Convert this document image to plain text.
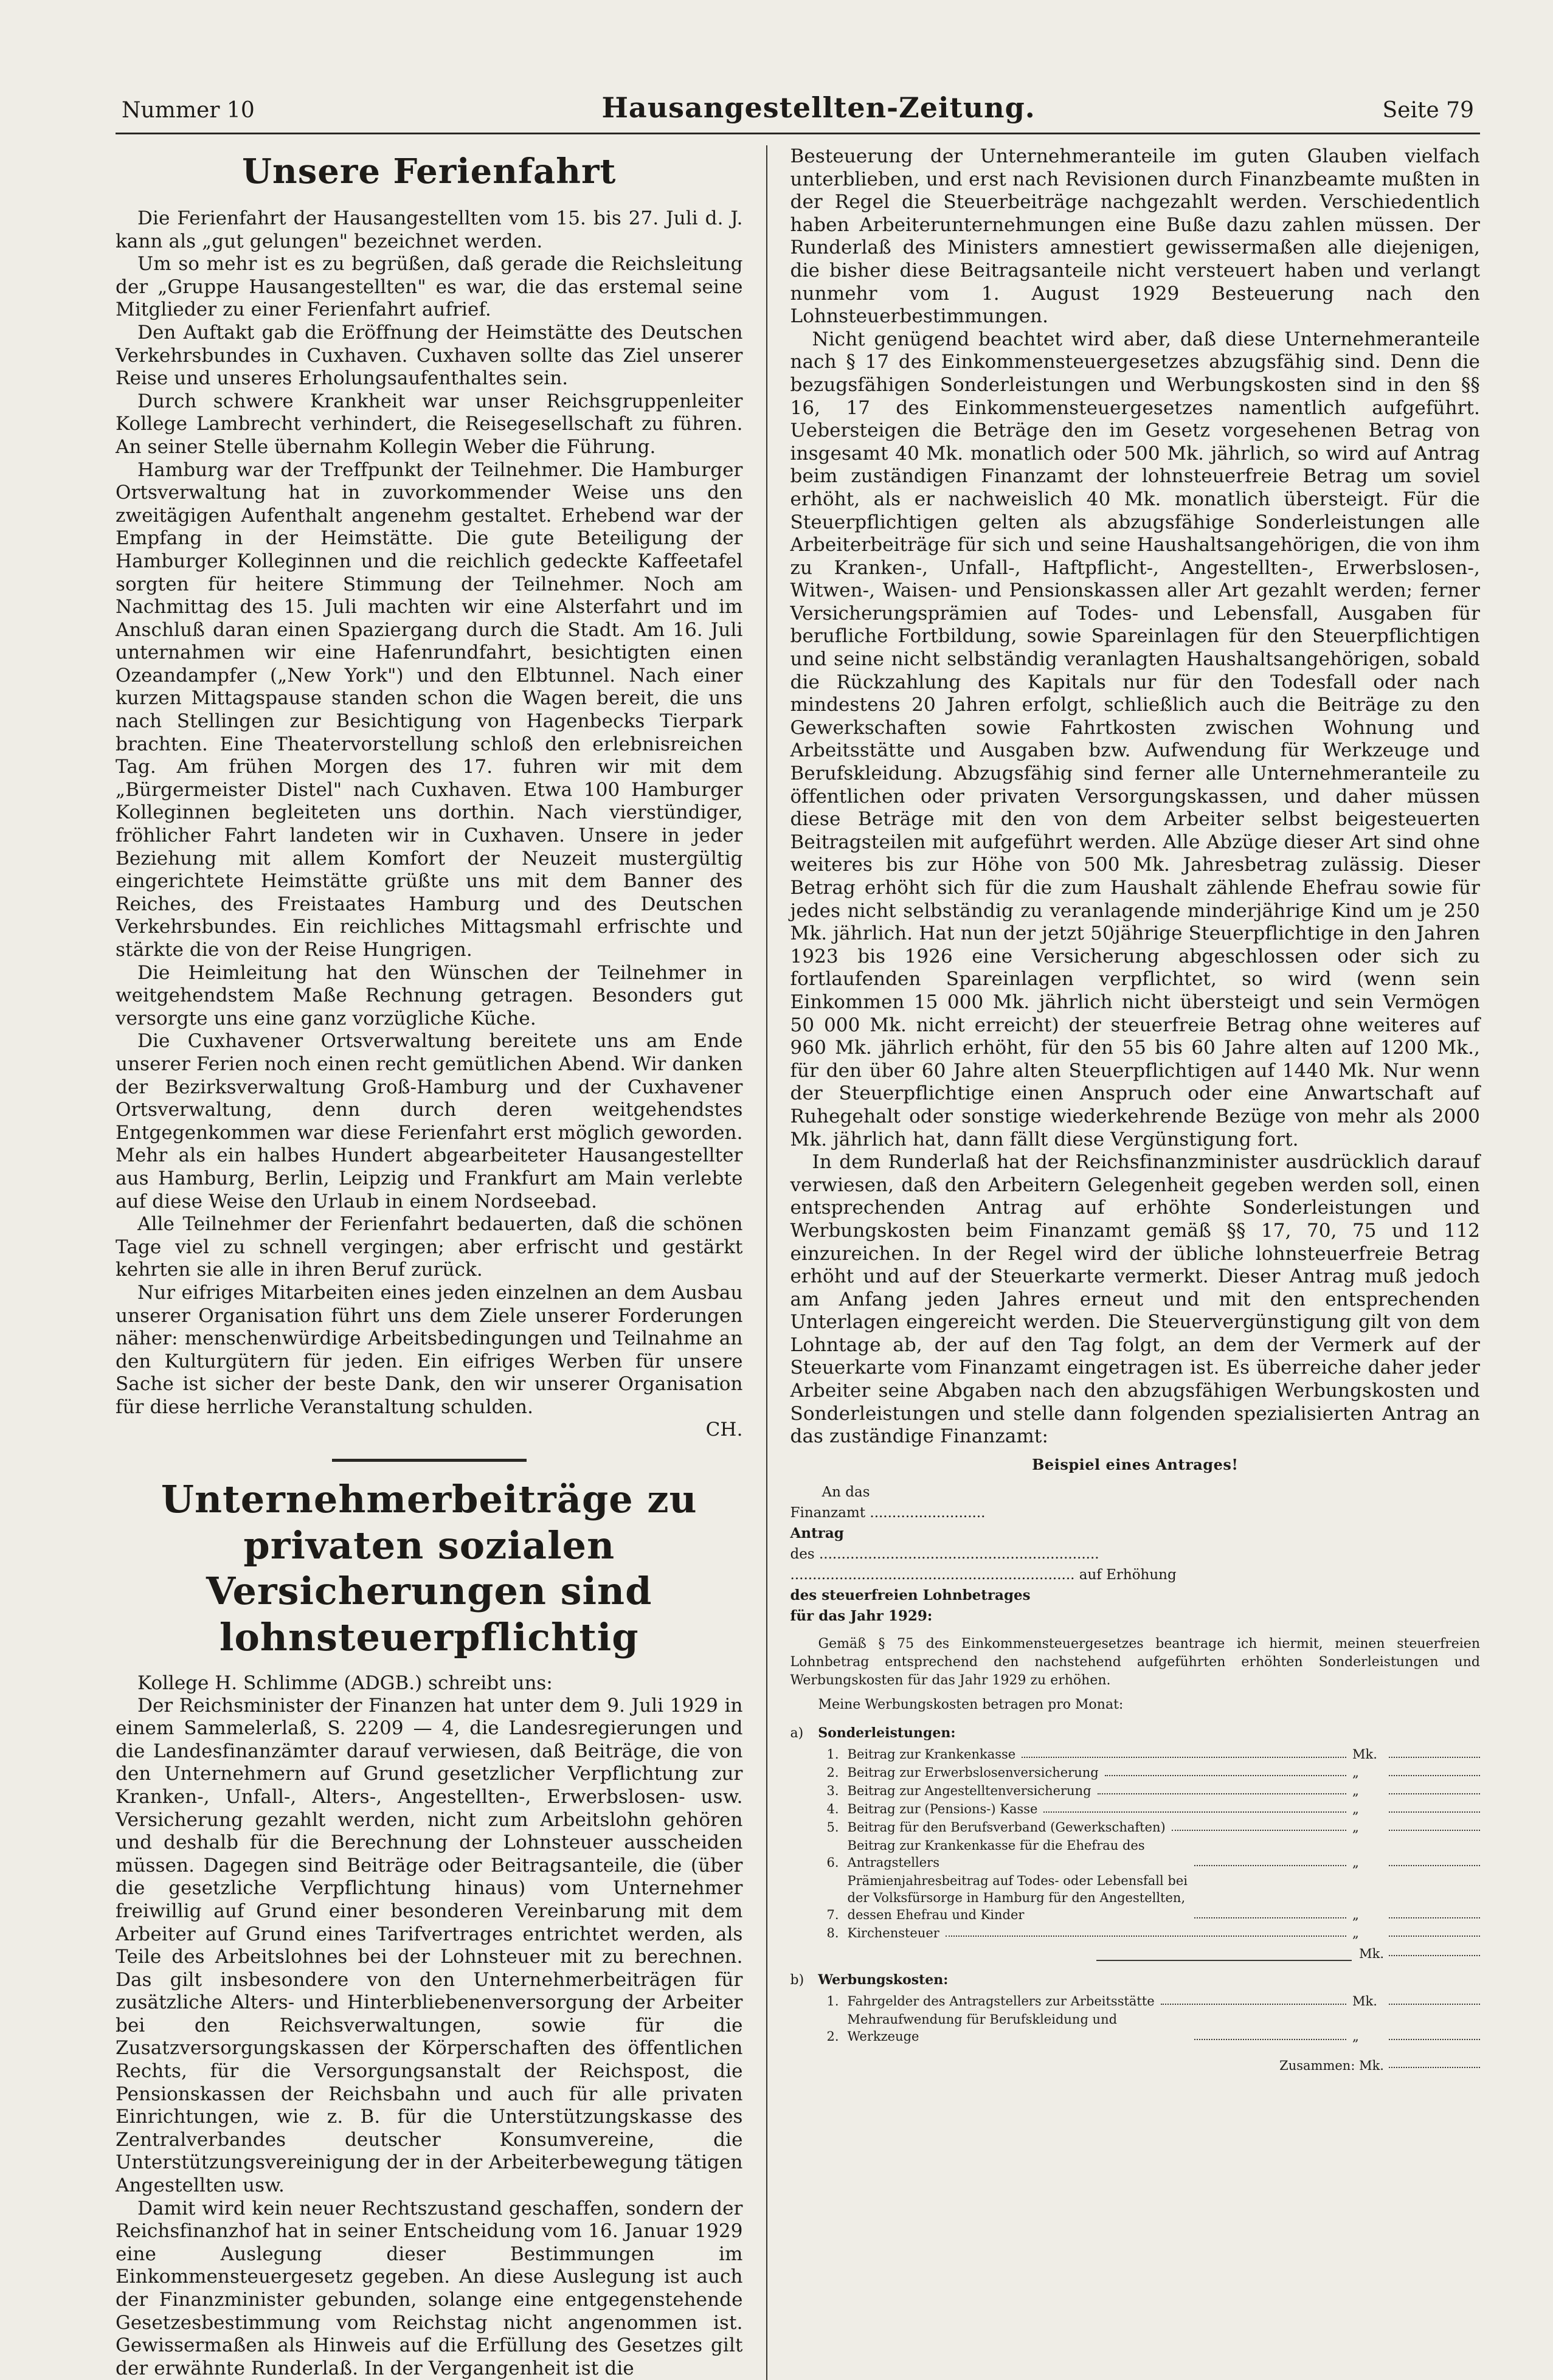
Nummer 10	Hausangestellten-Zeitung.	Seite 79
Unsere Ferienfahrt

Die Ferienfahrt der Hausangestellten vom 15. bis 27. Juli d. J. kann als „gut gelungen" bezeichnet werden.

Um so mehr ist es zu begrüßen, daß gerade die Reichsleitung der „Gruppe Hausangestellten" es war, die das erstemal seine Mitglieder zu einer Ferienfahrt aufrief.

Den Auftakt gab die Eröffnung der Heimstätte des Deutschen Verkehrsbundes in Cuxhaven. Cuxhaven sollte das Ziel unserer Reise und unseres Erholungsaufenthaltes sein.

Durch schwere Krankheit war unser Reichsgruppenleiter Kollege Lambrecht verhindert, die Reisegesellschaft zu führen. An seiner Stelle übernahm Kollegin Weber die Führung.

Hamburg war der Treffpunkt der Teilnehmer. Die Hamburger Ortsverwaltung hat in zuvorkommender Weise uns den zweitägigen Aufenthalt angenehm gestaltet. Erhebend war der Empfang in der Heimstätte. Die gute Beteiligung der Hamburger Kolleginnen und die reichlich gedeckte Kaffeetafel sorgten für heitere Stimmung der Teilnehmer. Noch am Nachmittag des 15. Juli machten wir eine Alsterfahrt und im Anschluß daran einen Spaziergang durch die Stadt. Am 16. Juli unternahmen wir eine Hafenrundfahrt, besichtigten einen Ozeandampfer („New York") und den Elbtunnel. Nach einer kurzen Mittagspause standen schon die Wagen bereit, die uns nach Stellingen zur Besichtigung von Hagenbecks Tierpark brachten. Eine Theatervorstellung schloß den erlebnisreichen Tag. Am frühen Morgen des 17. fuhren wir mit dem „Bürgermeister Distel" nach Cuxhaven. Etwa 100 Hamburger Kolleginnen begleiteten uns dorthin. Nach vierstündiger, fröhlicher Fahrt landeten wir in Cuxhaven. Unsere in jeder Beziehung mit allem Komfort der Neuzeit mustergültig eingerichtete Heimstätte grüßte uns mit dem Banner des Reiches, des Freistaates Hamburg und des Deutschen Verkehrsbundes. Ein reichliches Mittagsmahl erfrischte und stärkte die von der Reise Hungrigen.

Die Heimleitung hat den Wünschen der Teilnehmer in weitgehendstem Maße Rechnung getragen. Besonders gut versorgte uns eine ganz vorzügliche Küche.

Die Cuxhavener Ortsverwaltung bereitete uns am Ende unserer Ferien noch einen recht gemütlichen Abend. Wir danken der Bezirksverwaltung Groß-Hamburg und der Cuxhavener Ortsverwaltung, denn durch deren weitgehendstes Entgegenkommen war diese Ferienfahrt erst möglich geworden. Mehr als ein halbes Hundert abgearbeiteter Hausangestellter aus Hamburg, Berlin, Leipzig und Frankfurt am Main verlebte auf diese Weise den Urlaub in einem Nordseebad.

Alle Teilnehmer der Ferienfahrt bedauerten, daß die schönen Tage viel zu schnell vergingen; aber erfrischt und gestärkt kehrten sie alle in ihren Beruf zurück.

Nur eifriges Mitarbeiten eines jeden einzelnen an dem Ausbau unserer Organisation führt uns dem Ziele unserer Forderungen näher: menschenwürdige Arbeitsbedingungen und Teilnahme an den Kulturgütern für jeden. Ein eifriges Werben für unsere Sache ist sicher der beste Dank, den wir unserer Organisation für diese herrliche Veranstaltung schulden.

CH.

Unternehmerbeiträge zu privaten sozialen
Versicherungen sind lohnsteuerpflichtig

Kollege H. Schlimme (ADGB.) schreibt uns:

Der Reichsminister der Finanzen hat unter dem 9. Juli 1929 in einem Sammelerlaß, S. 2209 — 4, die Landesregierungen und die Landesfinanzämter darauf verwiesen, daß Beiträge, die von den Unternehmern auf Grund gesetzlicher Verpflichtung zur Kranken-, Unfall-, Alters-, Angestellten-, Erwerbslosen- usw. Versicherung gezahlt werden, nicht zum Arbeitslohn gehören und deshalb für die Berechnung der Lohnsteuer ausscheiden müssen. Dagegen sind Beiträge oder Beitragsanteile, die (über die gesetzliche Verpflichtung hinaus) vom Unternehmer freiwillig auf Grund einer besonderen Vereinbarung mit dem Arbeiter auf Grund eines Tarifvertrages entrichtet werden, als Teile des Arbeitslohnes bei der Lohnsteuer mit zu berechnen. Das gilt insbesondere von den Unternehmerbeiträgen für zusätzliche Alters- und Hinterbliebenenversorgung der Arbeiter bei den Reichsverwaltungen, sowie für die Zusatzversorgungskassen der Körperschaften des öffentlichen Rechts, für die Versorgungsanstalt der Reichspost, die Pensionskassen der Reichsbahn und auch für alle privaten Einrichtungen, wie z. B. für die Unterstützungskasse des Zentralverbandes deutscher Konsumvereine, die Unterstützungsvereinigung der in der Arbeiterbewegung tätigen Angestellten usw.

Damit wird kein neuer Rechtszustand geschaffen, sondern der Reichsfinanzhof hat in seiner Entscheidung vom 16. Januar 1929 eine Auslegung dieser Bestimmungen im Einkommensteuergesetz gegeben. An diese Auslegung ist auch der Finanzminister gebunden, solange eine entgegenstehende Gesetzesbestimmung vom Reichstag nicht angenommen ist. Gewissermaßen als Hinweis auf die Erfüllung des Gesetzes gilt der erwähnte Runderlaß. In der Vergangenheit ist die

Besteuerung der Unternehmeranteile im guten Glauben vielfach unterblieben, und erst nach Revisionen durch Finanzbeamte mußten in der Regel die Steuerbeiträge nachgezahlt werden. Verschiedentlich haben Arbeiterunternehmungen eine Buße dazu zahlen müssen. Der Runderlaß des Ministers amnestiert gewissermaßen alle diejenigen, die bisher diese Beitragsanteile nicht versteuert haben und verlangt nunmehr vom 1. August 1929 Besteuerung nach den Lohnsteuerbestimmungen.

Nicht genügend beachtet wird aber, daß diese Unternehmeranteile nach § 17 des Einkommensteuergesetzes abzugsfähig sind. Denn die bezugsfähigen Sonderleistungen und Werbungskosten sind in den §§ 16, 17 des Einkommensteuergesetzes namentlich aufgeführt. Uebersteigen die Beträge den im Gesetz vorgesehenen Betrag von insgesamt 40 Mk. monatlich oder 500 Mk. jährlich, so wird auf Antrag beim zuständigen Finanzamt der lohnsteuerfreie Betrag um soviel erhöht, als er nachweislich 40 Mk. monatlich übersteigt. Für die Steuerpflichtigen gelten als abzugsfähige Sonderleistungen alle Arbeiterbeiträge für sich und seine Haushaltsangehörigen, die von ihm zu Kranken-, Unfall-, Haftpflicht-, Angestellten-, Erwerbslosen-, Witwen-, Waisen- und Pensionskassen aller Art gezahlt werden; ferner Versicherungsprämien auf Todes- und Lebensfall, Ausgaben für berufliche Fortbildung, sowie Spareinlagen für den Steuerpflichtigen und seine nicht selbständig veranlagten Haushaltsangehörigen, sobald die Rückzahlung des Kapitals nur für den Todesfall oder nach mindestens 20 Jahren erfolgt, schließlich auch die Beiträge zu den Gewerkschaften sowie Fahrtkosten zwischen Wohnung und Arbeitsstätte und Ausgaben bzw. Aufwendung für Werkzeuge und Berufskleidung. Abzugsfähig sind ferner alle Unternehmeranteile zu öffentlichen oder privaten Versorgungskassen, und daher müssen diese Beträge mit den von dem Arbeiter selbst beigesteuerten Beitragsteilen mit aufgeführt werden. Alle Abzüge dieser Art sind ohne weiteres bis zur Höhe von 500 Mk. Jahresbetrag zulässig. Dieser Betrag erhöht sich für die zum Haushalt zählende Ehefrau sowie für jedes nicht selbständig zu veranlagende minderjährige Kind um je 250 Mk. jährlich. Hat nun der jetzt 50jährige Steuerpflichtige in den Jahren 1923 bis 1926 eine Versicherung abgeschlossen oder sich zu fortlaufenden Spareinlagen verpflichtet, so wird (wenn sein Einkommen 15 000 Mk. jährlich nicht übersteigt und sein Vermögen 50 000 Mk. nicht erreicht) der steuerfreie Betrag ohne weiteres auf 960 Mk. jährlich erhöht, für den 55 bis 60 Jahre alten auf 1200 Mk., für den über 60 Jahre alten Steuerpflichtigen auf 1440 Mk. Nur wenn der Steuerpflichtige einen Anspruch oder eine Anwartschaft auf Ruhegehalt oder sonstige wiederkehrende Bezüge von mehr als 2000 Mk. jährlich hat, dann fällt diese Vergünstigung fort.

In dem Runderlaß hat der Reichsfinanzminister ausdrücklich darauf verwiesen, daß den Arbeitern Gelegenheit gegeben werden soll, einen entsprechenden Antrag auf erhöhte Sonderleistungen und Werbungskosten beim Finanzamt gemäß §§ 17, 70, 75 und 112 einzureichen. In der Regel wird der übliche lohnsteuerfreie Betrag erhöht und auf der Steuerkarte vermerkt. Dieser Antrag muß jedoch am Anfang jeden Jahres erneut und mit den entsprechenden Unterlagen eingereicht werden. Die Steuervergünstigung gilt von dem Lohntage ab, der auf den Tag folgt, an dem der Vermerk auf der Steuerkarte vom Finanzamt eingetragen ist. Es überreiche daher jeder Arbeiter seine Abgaben nach den abzugsfähigen Werbungskosten und Sonderleistungen und stelle dann folgenden spezialisierten Antrag an das zuständige Finanzamt:

Beispiel eines Antrages!
An das
Finanzamt ..........................
Antrag
des ...............................................................
................................................................ auf Erhöhung
des steuerfreien Lohnbetrages
für das Jahr 1929:

Gemäß § 75 des Einkommensteuergesetzes beantrage ich hiermit, meinen steuerfreien Lohnbetrag entsprechend den nachstehend aufgeführten erhöhten Sonderleistungen und Werbungskosten für das Jahr 1929 zu erhöhen.

Meine Werbungskosten betragen pro Monat:
a) Sonderleistungen:
1. Beitrag zur Krankenkasse	Mk.
2. Beitrag zur Erwerbslosenversicherung	„
3. Beitrag zur Angestelltenversicherung	„
4. Beitrag zur (Pensions-) Kasse	„
5. Beitrag für den Berufsverband (Gewerkschaften)	„
6.
Beitrag zur Krankenkasse für die Ehefrau des Antragstellers	„
7.
Prämienjahresbeitrag auf Todes- oder Lebensfall bei der Volksfürsorge in Hamburg für den Angestellten, dessen Ehefrau und Kinder	„
8. Kirchensteuer	„
Mk.
b) Werbungskosten:
1. Fahrgelder des Antragstellers zur Arbeitsstätte	Mk.
2.
Mehraufwendung für Berufskleidung und Werkzeuge	„
Zusammen: Mk.
